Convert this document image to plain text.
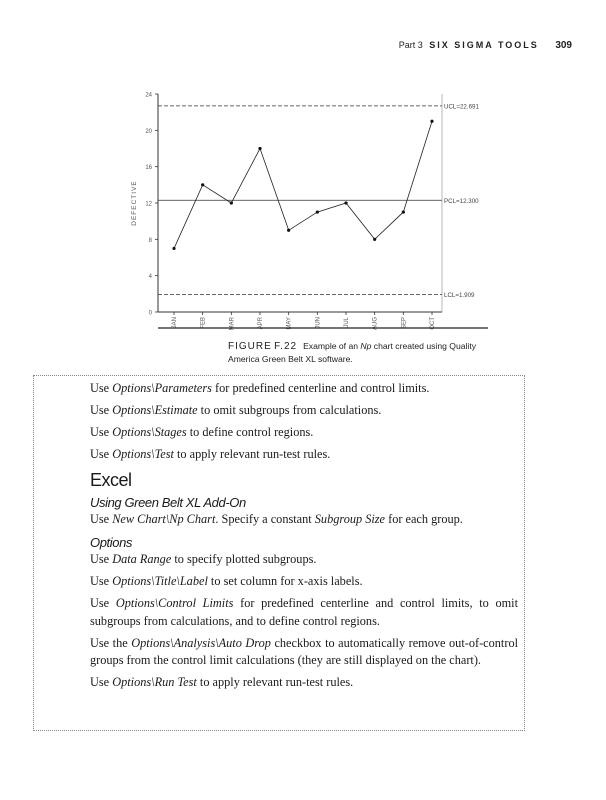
Part 3 SIX SIGMA TOOLS 309
0
4
8
12
16
20
24
DEFECTIVE
UCL=22.691
PCL=12.300
LCL=1.909
JAN	FEB	MAR	APR	MAY	JUN	JUL	AUG	SEP	OCT
FIGURE F.22 Example of an Np chart created using Quality America Green Belt XL software.

Use Options\Parameters for predefined centerline and control limits.

Use Options\Estimate to omit subgroups from calculations.

Use Options\Stages to define control regions.

Use Options\Test to apply relevant run-test rules.

Excel
Using Green Belt XL Add-On

Use New Chart\Np Chart. Specify a constant Subgroup Size for each group.

Options

Use Data Range to specify plotted subgroups.

Use Options\Title\Label to set column for x-axis labels.

Use Options\Control Limits for predefined centerline and control limits, to omit subgroups from calculations, and to define control regions.

Use the Options\Analysis\Auto Drop checkbox to automatically remove out-of-control groups from the control limit calculations (they are still displayed on the chart).

Use Options\Run Test to apply relevant run-test rules.
